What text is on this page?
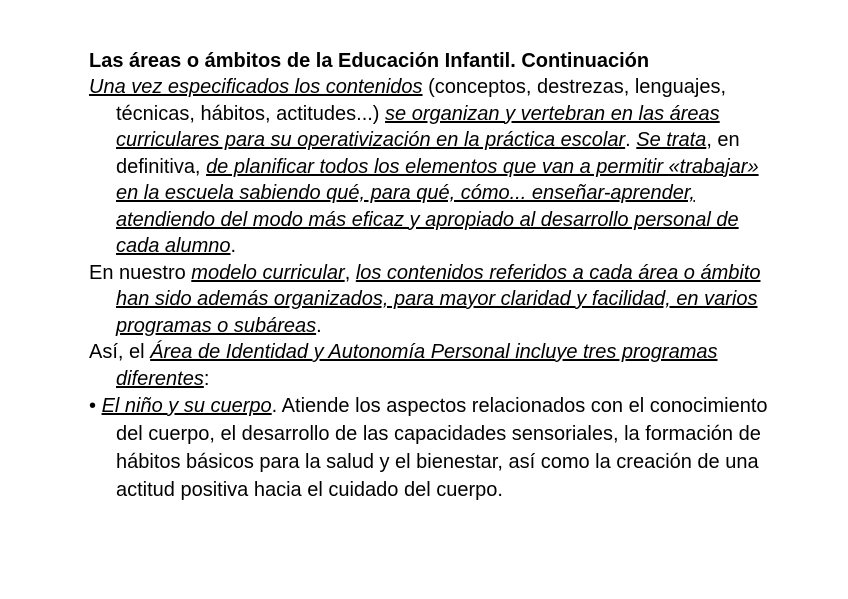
Las áreas o ámbitos de la Educación Infantil. Continuación

Una vez especificados los contenidos (conceptos, destrezas, lenguajes, técnicas, hábitos, actitudes...) se organizan y vertebran en las áreas curriculares para su operativización en la práctica escolar. Se trata, en definitiva, de planificar todos los elementos que van a permitir «trabajar» en la escuela sabiendo qué, para qué, cómo... enseñar-aprender, atendiendo del modo más eficaz y apropiado al desarrollo personal de cada alumno.

En nuestro modelo curricular, los contenidos referidos a cada área o ámbito han sido además organizados, para mayor claridad y facilidad, en varios programas o subáreas.

Así, el Área de Identidad y Autonomía Personal incluye tres programas diferentes:

• El niño y su cuerpo. Atiende los aspectos relacionados con el conocimiento del cuerpo, el desarrollo de las capacidades sensoriales, la formación de hábitos básicos para la salud y el bienestar, así como la creación de una actitud positiva hacia el cuidado del cuerpo.
